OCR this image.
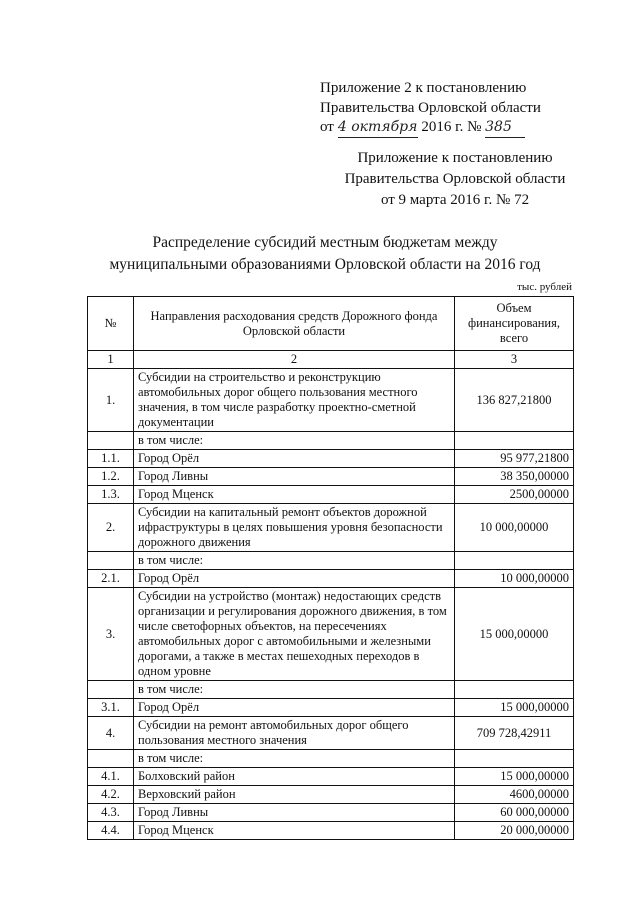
Приложение 2 к постановлению
Правительства Орловской области
от 4 октября 2016 г. № 385
Приложение к постановлению
Правительства Орловской области
от 9 марта 2016 г. № 72
Распределение субсидий местным бюджетам между
муниципальными образованиями Орловской области на 2016 год
тыс. рублей
№	Направления расходования средств Дорожного фонда Орловской области	Объем финансирования, всего
1	2	3
1.	Субсидии на строительство и реконструкцию автомобильных дорог общего пользования местного значения, в том числе разработку проектно-сметной документации	136 827,21800
	в том числе:	
1.1.	Город Орёл	95 977,21800
1.2.	Город Ливны	38 350,00000
1.3.	Город Мценск	2500,00000
2.	Субсидии на капитальный ремонт объектов дорожной ифраструктуры в целях повышения уровня безопасности дорожного движения	10 000,00000
	в том числе:	
2.1.	Город Орёл	10 000,00000
3.	Субсидии на устройство (монтаж) недостающих средств организации и регулирования дорожного движения, в том числе светофорных объектов, на пересечениях автомобильных дорог с автомобильными и железными дорогами, а также в местах пешеходных переходов в одном уровне	15 000,00000
	в том числе:	
3.1.	Город Орёл	15 000,00000
4.	Субсидии на ремонт автомобильных дорог общего пользования местного значения	709 728,42911
	в том числе:	
4.1.	Болховский район	15 000,00000
4.2.	Верховский район	4600,00000
4.3.	Город Ливны	60 000,00000
4.4.	Город Мценск	20 000,00000
